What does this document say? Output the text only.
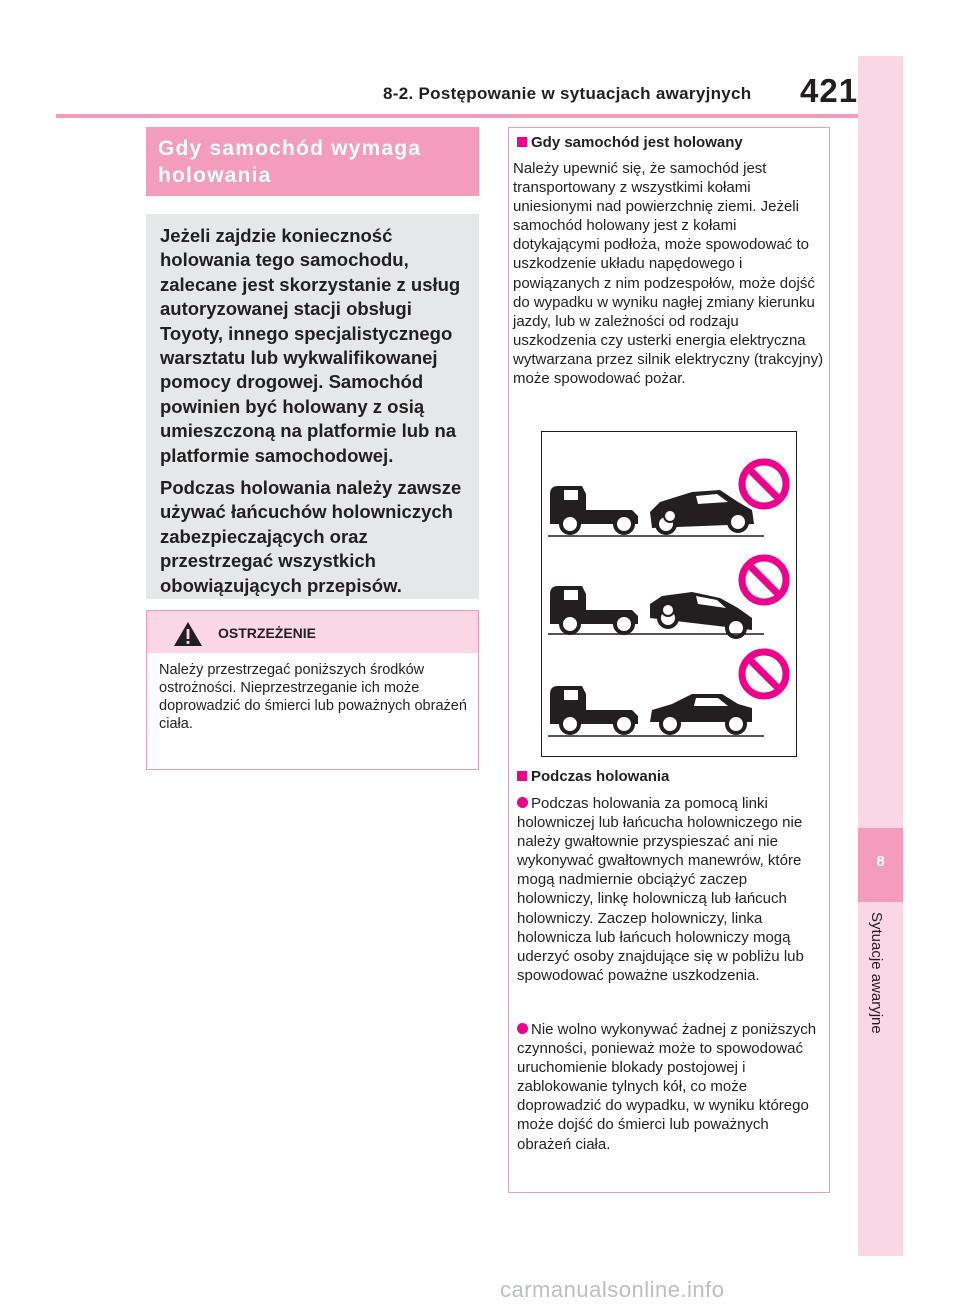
8-2. Postępowanie w sytuacjach awaryjnych 421
8
Sytuacje awaryjne
Gdy samochód wymaga holowania

Jeżeli zajdzie konieczność holowania tego samochodu, zalecane jest skorzystanie z usług autoryzowanej stacji obsługi Toyoty, innego specjalistycznego warsztatu lub wykwalifikowanej pomocy drogowej. Samochód powinien być holowany z osią umieszczoną na platformie lub na platformie samochodowej.

Podczas holowania należy zawsze używać łańcuchów holowniczych zabezpieczających oraz przestrzegać wszystkich obowiązujących przepisów.

OSTRZEŻENIE
Należy przestrzegać poniższych środków ostrożności. Nieprzestrzeganie ich może doprowadzić do śmierci lub poważnych obrażeń ciała.
Gdy samochód jest holowany
Należy upewnić się, że samochód jest transportowany z wszystkimi kołami uniesionymi nad powierzchnię ziemi. Jeżeli samochód holowany jest z kołami dotykającymi podłoża, może spowodować to uszkodzenie układu napędowego i powiązanych z nim podzespołów, może dojść do wypadku w wyniku nagłej zmiany kierunku jazdy, lub w zależności od rodzaju uszkodzenia czy usterki energia elektryczna wytwarzana przez silnik elektryczny (trakcyjny) może spowodować pożar.
Podczas holowania
Podczas holowania za pomocą linki holowniczej lub łańcucha holowniczego nie należy gwałtownie przyspieszać ani nie wykonywać gwałtownych manewrów, które mogą nadmiernie obciążyć zaczep holowniczy, linkę holowniczą lub łańcuch holowniczy. Zaczep holowniczy, linka holownicza lub łańcuch holowniczy mogą uderzyć osoby znajdujące się w pobliżu lub spowodować poważne uszkodzenia.
Nie wolno wykonywać żadnej z poniższych czynności, ponieważ może to spowodować uruchomienie blokady postojowej i zablokowanie tylnych kół, co może doprowadzić do wypadku, w wyniku którego może dojść do śmierci lub poważnych obrażeń ciała.
carmanualsonline.info
